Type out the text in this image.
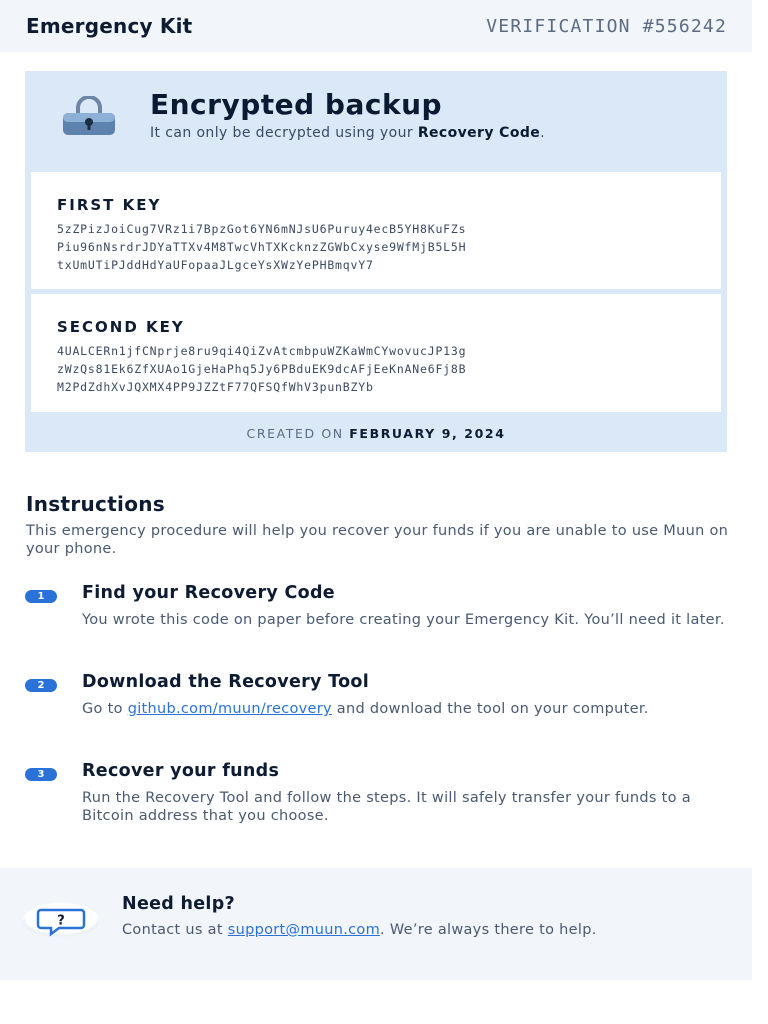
Emergency Kit	VERIFICATION #556242
Encrypted backup
It can only be decrypted using your Recovery Code.
FIRST KEY
5zZPizJoiCug7VRz1i7BpzGot6YN6mNJsU6Puruy4ecB5YH8KuFZs
Piu96nNsrdrJDYaTTXv4M8TwcVhTXKcknzZGWbCxyse9WfMjB5L5H
txUmUTiPJddHdYaUFopaaJLgceYsXWzYePHBmqvY7
SECOND KEY
4UALCERn1jfCNprje8ru9qi4QiZvAtcmbpuWZKaWmCYwovucJP13g
zWzQs81Ek6ZfXUAo1GjeHaPhq5Jy6PBduEK9dcAFjEeKnANe6Fj8B
M2PdZdhXvJQXMX4PP9JZZtF77QFSQfWhV3punBZYb
CREATED ON FEBRUARY 9, 2024
Instructions
This emergency procedure will help you recover your funds if you are unable to use Muun on your phone.
1	Find your Recovery Code
You wrote this code on paper before creating your Emergency Kit. You’ll need it later.
2	Download the Recovery Tool
Go to github.com/muun/recovery and download the tool on your computer.
3	Recover your funds
Run the Recovery Tool and follow the steps. It will safely transfer your funds to a Bitcoin address that you choose.
?
Need help?
Contact us at support@muun.com. We’re always there to help.
